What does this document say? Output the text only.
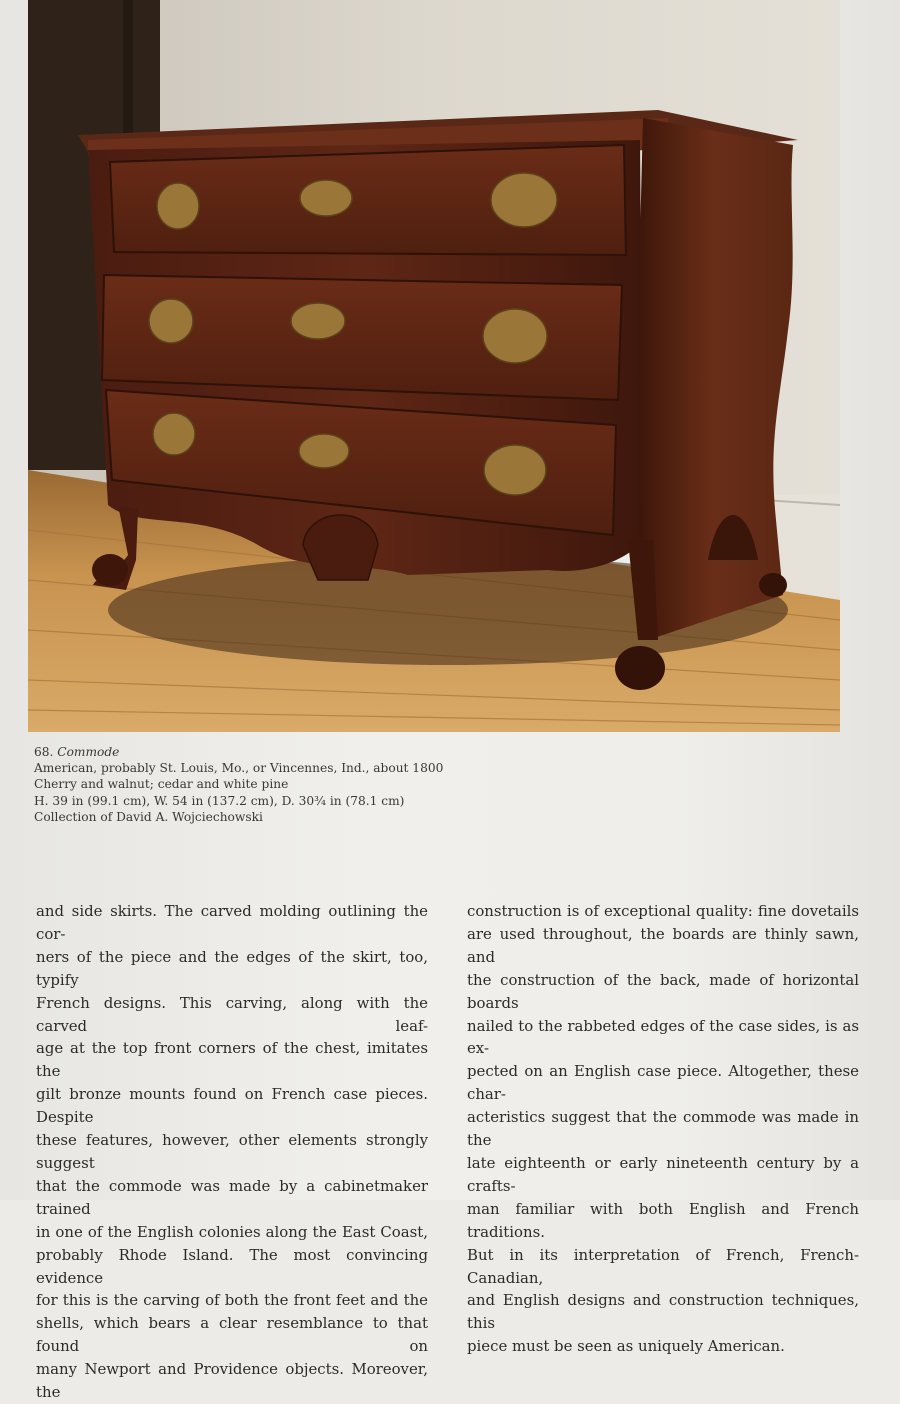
68. Commode
American, probably St. Louis, Mo., or Vincennes, Ind., about 1800
Cherry and walnut; cedar and white pine
H. 39 in (99.1 cm), W. 54 in (137.2 cm), D. 30¾ in (78.1 cm)
Collection of David A. Wojciechowski
and side skirts. The carved molding outlining the cor-
ners of the piece and the edges of the skirt, too, typify
French designs. This carving, along with the carved leaf-
age at the top front corners of the chest, imitates the
gilt bronze mounts found on French case pieces. Despite
these features, however, other elements strongly suggest
that the commode was made by a cabinetmaker trained
in one of the English colonies along the East Coast,
probably Rhode Island. The most convincing evidence
for this is the carving of both the front feet and the
shells, which bears a clear resemblance to that found on
many Newport and Providence objects. Moreover, the
construction is of exceptional quality: fine dovetails
are used throughout, the boards are thinly sawn, and
the construction of the back, made of horizontal boards
nailed to the rabbeted edges of the case sides, is as ex-
pected on an English case piece. Altogether, these char-
acteristics suggest that the commode was made in the
late eighteenth or early nineteenth century by a crafts-
man familiar with both English and French traditions.
But in its interpretation of French, French-Canadian,
and English designs and construction techniques, this
piece must be seen as uniquely American.
